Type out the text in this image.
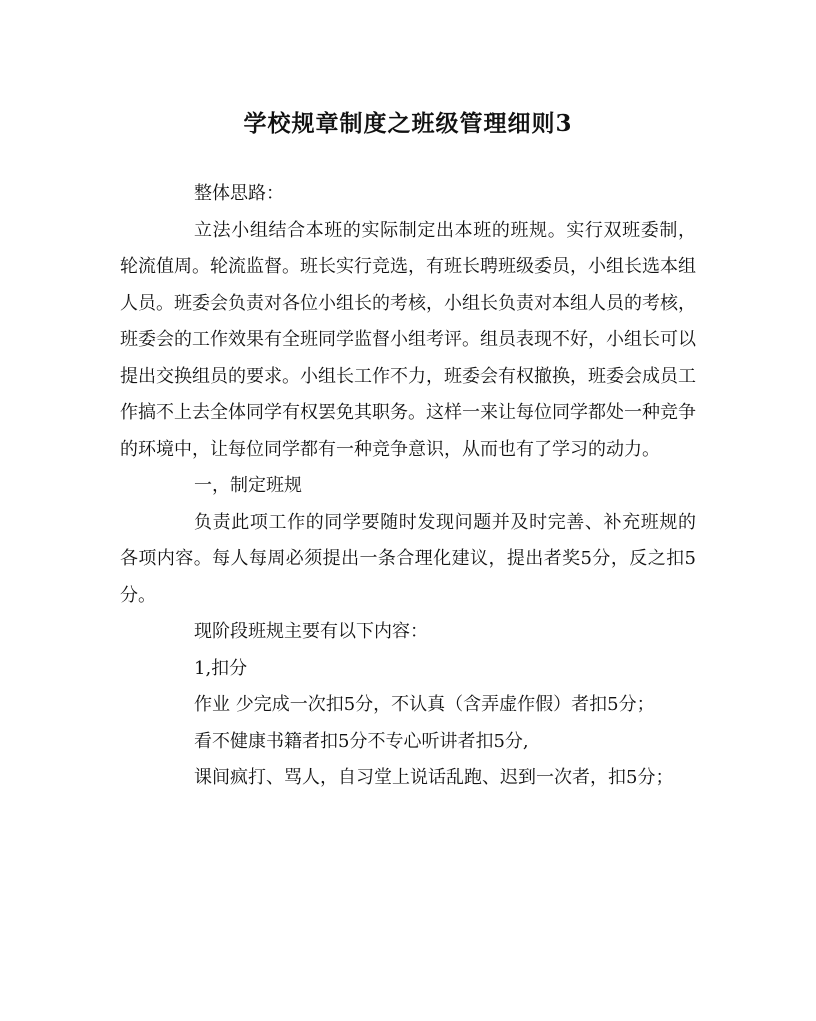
学校规章制度之班级管理细则3

整体思路：

立法小组结合本班的实际制定出本班的班规。实行双班委制，轮流值周。轮流监督。班长实行竞选，有班长聘班级委员，小组长选本组人员。班委会负责对各位小组长的考核，小组长负责对本组人员的考核，班委会的工作效果有全班同学监督小组考评。组员表现不好，小组长可以提出交换组员的要求。小组长工作不力，班委会有权撤换，班委会成员工作搞不上去全体同学有权罢免其职务。这样一来让每位同学都处一种竞争的环境中，让每位同学都有一种竞争意识，从而也有了学习的动力。

一，制定班规

负责此项工作的同学要随时发现问题并及时完善、补充班规的各项内容。每人每周必须提出一条合理化建议，提出者奖5分，反之扣5分。

现阶段班规主要有以下内容：

1,扣分

作业 少完成一次扣5分，不认真（含弄虚作假）者扣5分；

看不健康书籍者扣5分不专心听讲者扣5分,

课间疯打、骂人，自习堂上说话乱跑、迟到一次者，扣5分；
